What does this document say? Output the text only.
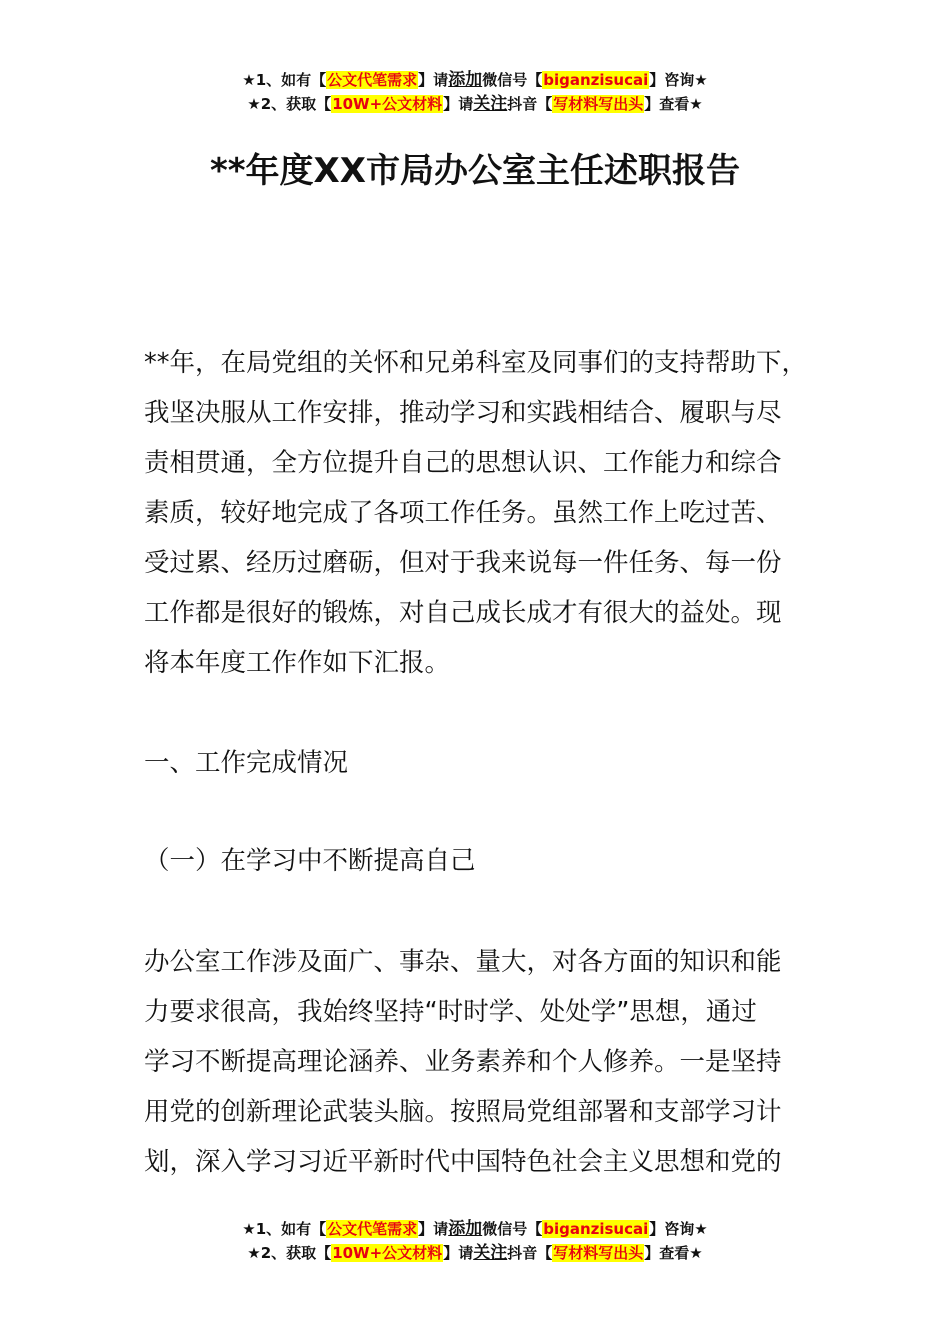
★1、如有【公文代笔需求】请添加微信号【biganzisucai】咨询★
★2、获取【10W+公文材料】请关注抖音【写材料写出头】查看★
**年度XX市局办公室主任述职报告
**年，在局党组的关怀和兄弟科室及同事们的支持帮助下，
我坚决服从工作安排，推动学习和实践相结合、履职与尽
责相贯通，全方位提升自己的思想认识、工作能力和综合
素质，较好地完成了各项工作任务。虽然工作上吃过苦、
受过累、经历过磨砺，但对于我来说每一件任务、每一份
工作都是很好的锻炼，对自己成长成才有很大的益处。现
将本年度工作作如下汇报。
一、工作完成情况
（一）在学习中不断提高自己
办公室工作涉及面广、事杂、量大，对各方面的知识和能
力要求很高，我始终坚持“时时学、处处学”思想，通过
学习不断提高理论涵养、业务素养和个人修养。一是坚持
用党的创新理论武装头脑。按照局党组部署和支部学习计
划，深入学习习近平新时代中国特色社会主义思想和党的
★1、如有【公文代笔需求】请添加微信号【biganzisucai】咨询★
★2、获取【10W+公文材料】请关注抖音【写材料写出头】查看★
